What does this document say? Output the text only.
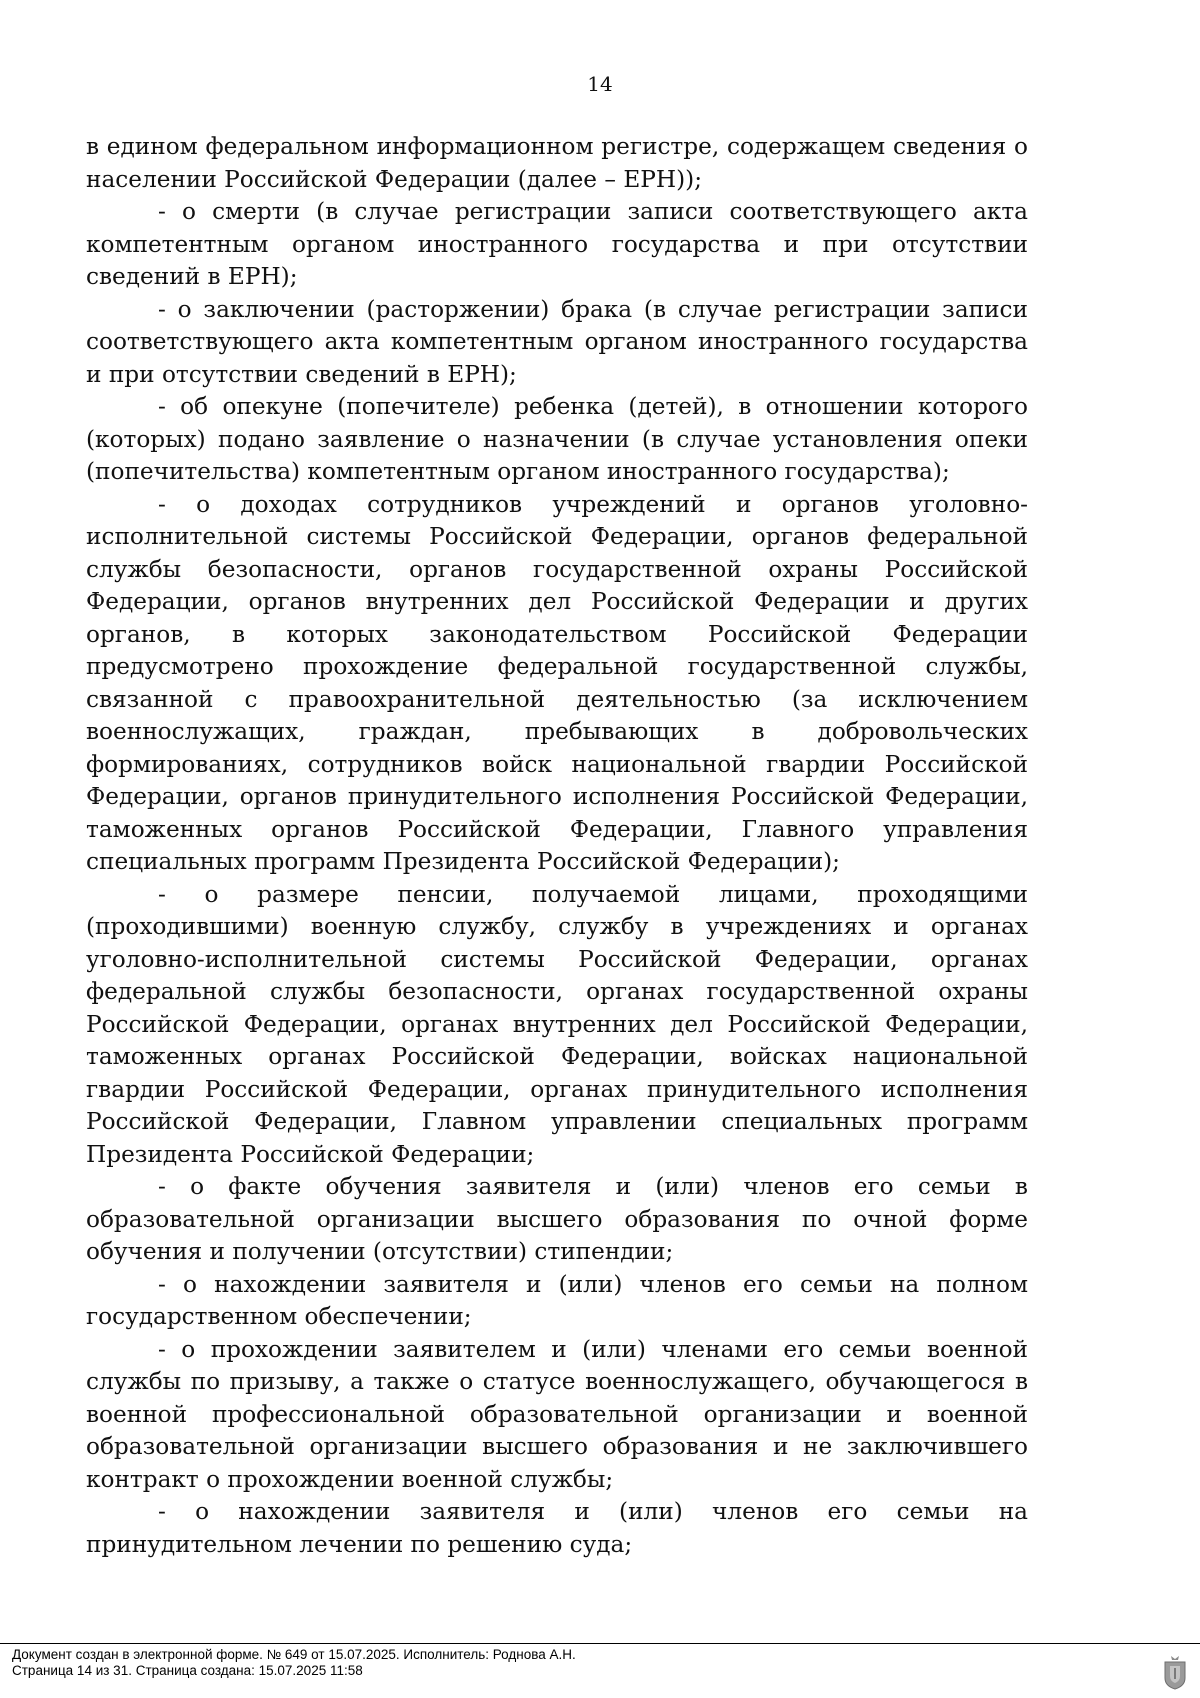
14

в едином федеральном информационном регистре, содержащем сведения о населении Российской Федерации (далее – ЕРН));

- о смерти (в случае регистрации записи соответствующего акта компетентным органом иностранного государства и при отсутствии сведений в ЕРН);

- о заключении (расторжении) брака (в случае регистрации записи соответствующего акта компетентным органом иностранного государства и при отсутствии сведений в ЕРН);

- об опекуне (попечителе) ребенка (детей), в отношении которого (которых) подано заявление о назначении (в случае установления опеки (попечительства) компетентным органом иностранного государства);

- о доходах сотрудников учреждений и органов уголовно-исполнительной системы Российской Федерации, органов федеральной службы безопасности, органов государственной охраны Российской Федерации, органов внутренних дел Российской Федерации и других органов, в которых законодательством Российской Федерации предусмотрено прохождение федеральной государственной службы, связанной с правоохранительной деятельностью (за исключением военнослужащих, граждан, пребывающих в добровольческих формированиях, сотрудников войск национальной гвардии Российской Федерации, органов принудительного исполнения Российской Федерации, таможенных органов Российской Федерации, Главного управления специальных программ Президента Российской Федерации);

- о размере пенсии, получаемой лицами, проходящими (проходившими) военную службу, службу в учреждениях и органах уголовно-исполнительной системы Российской Федерации, органах федеральной службы безопасности, органах государственной охраны Российской Федерации, органах внутренних дел Российской Федерации, таможенных органах Российской Федерации, войсках национальной гвардии Российской Федерации, органах принудительного исполнения Российской Федерации, Главном управлении специальных программ Президента Российской Федерации;

- о факте обучения заявителя и (или) членов его семьи в образовательной организации высшего образования по очной форме обучения и получении (отсутствии) стипендии;

- о нахождении заявителя и (или) членов его семьи на полном государственном обеспечении;

- о прохождении заявителем и (или) членами его семьи военной службы по призыву, а также о статусе военнослужащего, обучающегося в военной профессиональной образовательной организации и военной образовательной организации высшего образования и не заключившего контракт о прохождении военной службы;

- о нахождении заявителя и (или) членов его семьи на принудительном лечении по решению суда;

Документ создан в электронной форме. № 649 от 15.07.2025. Исполнитель: Роднова А.Н.
Страница 14 из 31. Страница создана: 15.07.2025 11:58
